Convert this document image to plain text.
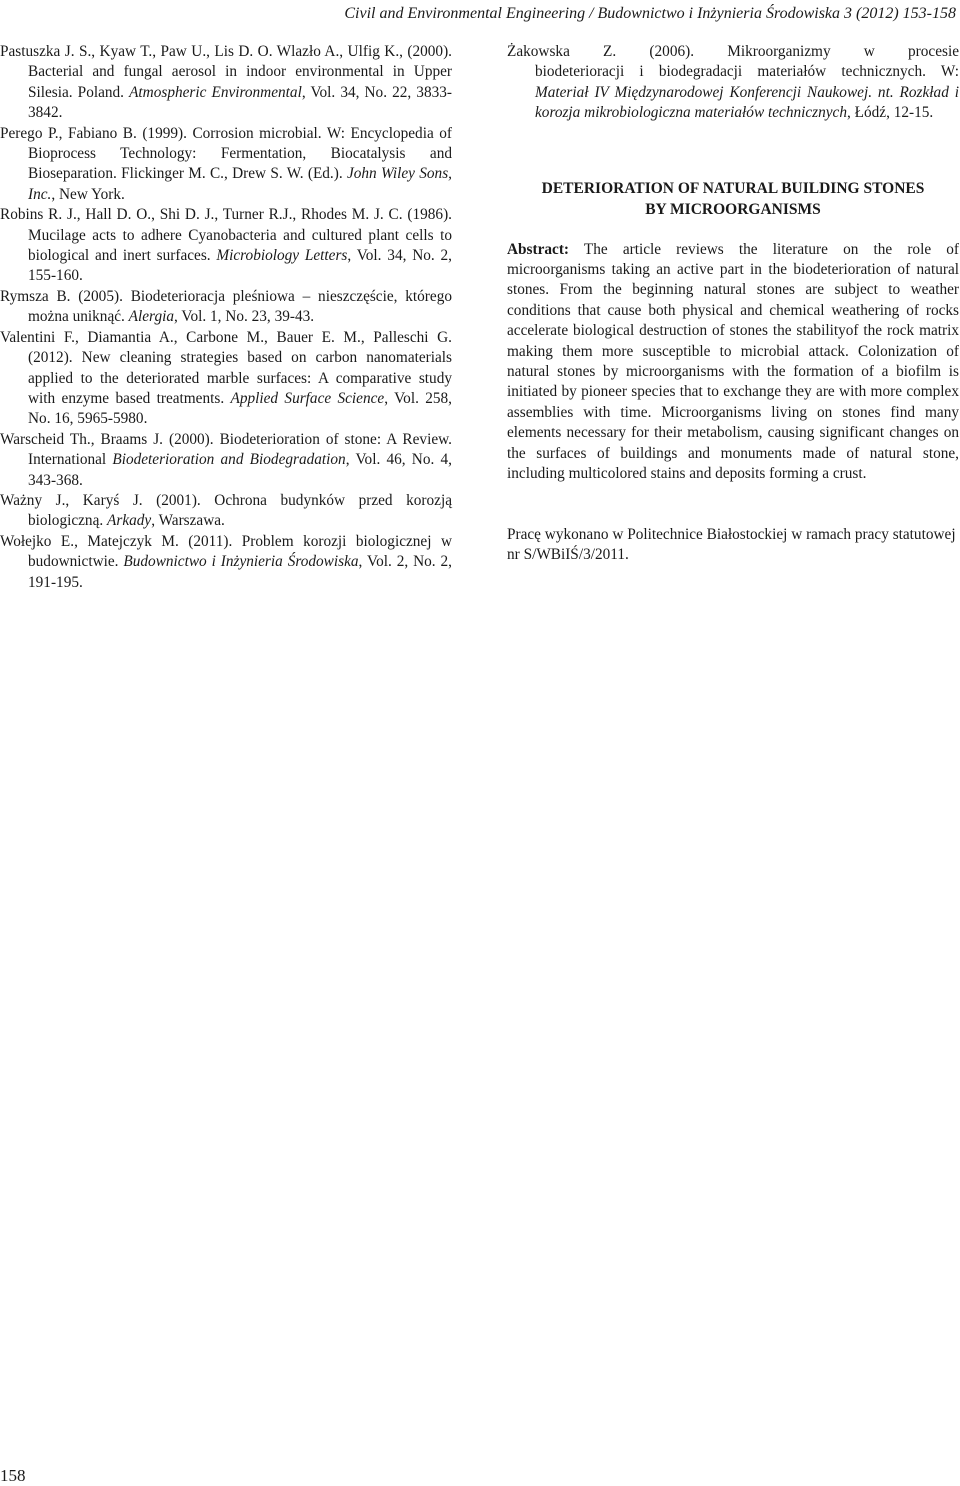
Civil and Environmental Engineering / Budownictwo i Inżynieria Środowiska 3 (2012) 153-158

Pastuszka J. S., Kyaw T., Paw U., Lis D. O. Wlazło A., Ulfig K., (2000). Bacterial and fungal aerosol in indoor environmental in Upper Silesia. Poland. Atmospheric Environmental, Vol. 34, No. 22, 3833-3842.

Perego P., Fabiano B. (1999). Corrosion microbial. W: Encyclopedia of Bioprocess Technology: Fermentation, Biocatalysis and Bioseparation. Flickinger M. C., Drew S. W. (Ed.). John Wiley Sons, Inc., New York.

Robins R. J., Hall D. O., Shi D. J., Turner R.J., Rhodes M. J. C. (1986). Mucilage acts to adhere Cyanobacteria and cultured plant cells to biological and inert surfaces. Microbiology Letters, Vol. 34, No. 2, 155-160.

Rymsza B. (2005). Biodeterioracja pleśniowa – nieszczęście, którego można uniknąć. Alergia, Vol. 1, No. 23, 39-43.

Valentini F., Diamantia A., Carbone M., Bauer E. M., Palleschi G. (2012). New cleaning strategies based on carbon nanomaterials applied to the deteriorated marble surfaces: A comparative study with enzyme based treatments. Applied Surface Science, Vol. 258, No. 16, 5965-5980.

Warscheid Th., Braams J. (2000). Biodeterioration of stone: A Review. International Biodeterioration and Biodegradation, Vol. 46, No. 4, 343-368.

Ważny J., Karyś J. (2001). Ochrona budynków przed korozją biologiczną. Arkady, Warszawa.

Wołejko E., Matejczyk M. (2011). Problem korozji biologicznej w budownictwie. Budownictwo i Inżynieria Środowiska, Vol. 2, No. 2, 191-195.

Żakowska Z. (2006). Mikroorganizmy w procesie
biodeterioracji i biodegradacji materiałów technicznych. W: Materiał IV Międzynarodowej Konferencji Naukowej. nt. Rozkład i korozja mikrobiologiczna materiałów technicznych, Łódź, 12-15.

DETERIORATION OF NATURAL BUILDING STONES
BY MICROORGANISMS

Abstract: The article reviews the literature on the role of microorganisms taking an active part in the biodeterioration of natural stones. From the beginning natural stones are subject to weather conditions that cause both physical and chemical weathering of rocks accelerate biological destruction of stones the stabilityof the rock matrix making them more susceptible to microbial attack. Colonization of natural stones by microorganisms with the formation of a biofilm is initiated by pioneer species that to exchange they are with more complex assemblies with time. Microorganisms living on stones find many elements necessary for their metabolism, causing significant changes on the surfaces of buildings and monuments made of natural stone, including multicolored stains and deposits forming a crust.

Pracę wykonano w Politechnice Białostockiej w ramach pracy statutowej nr S/WBiIŚ/3/2011.

158
